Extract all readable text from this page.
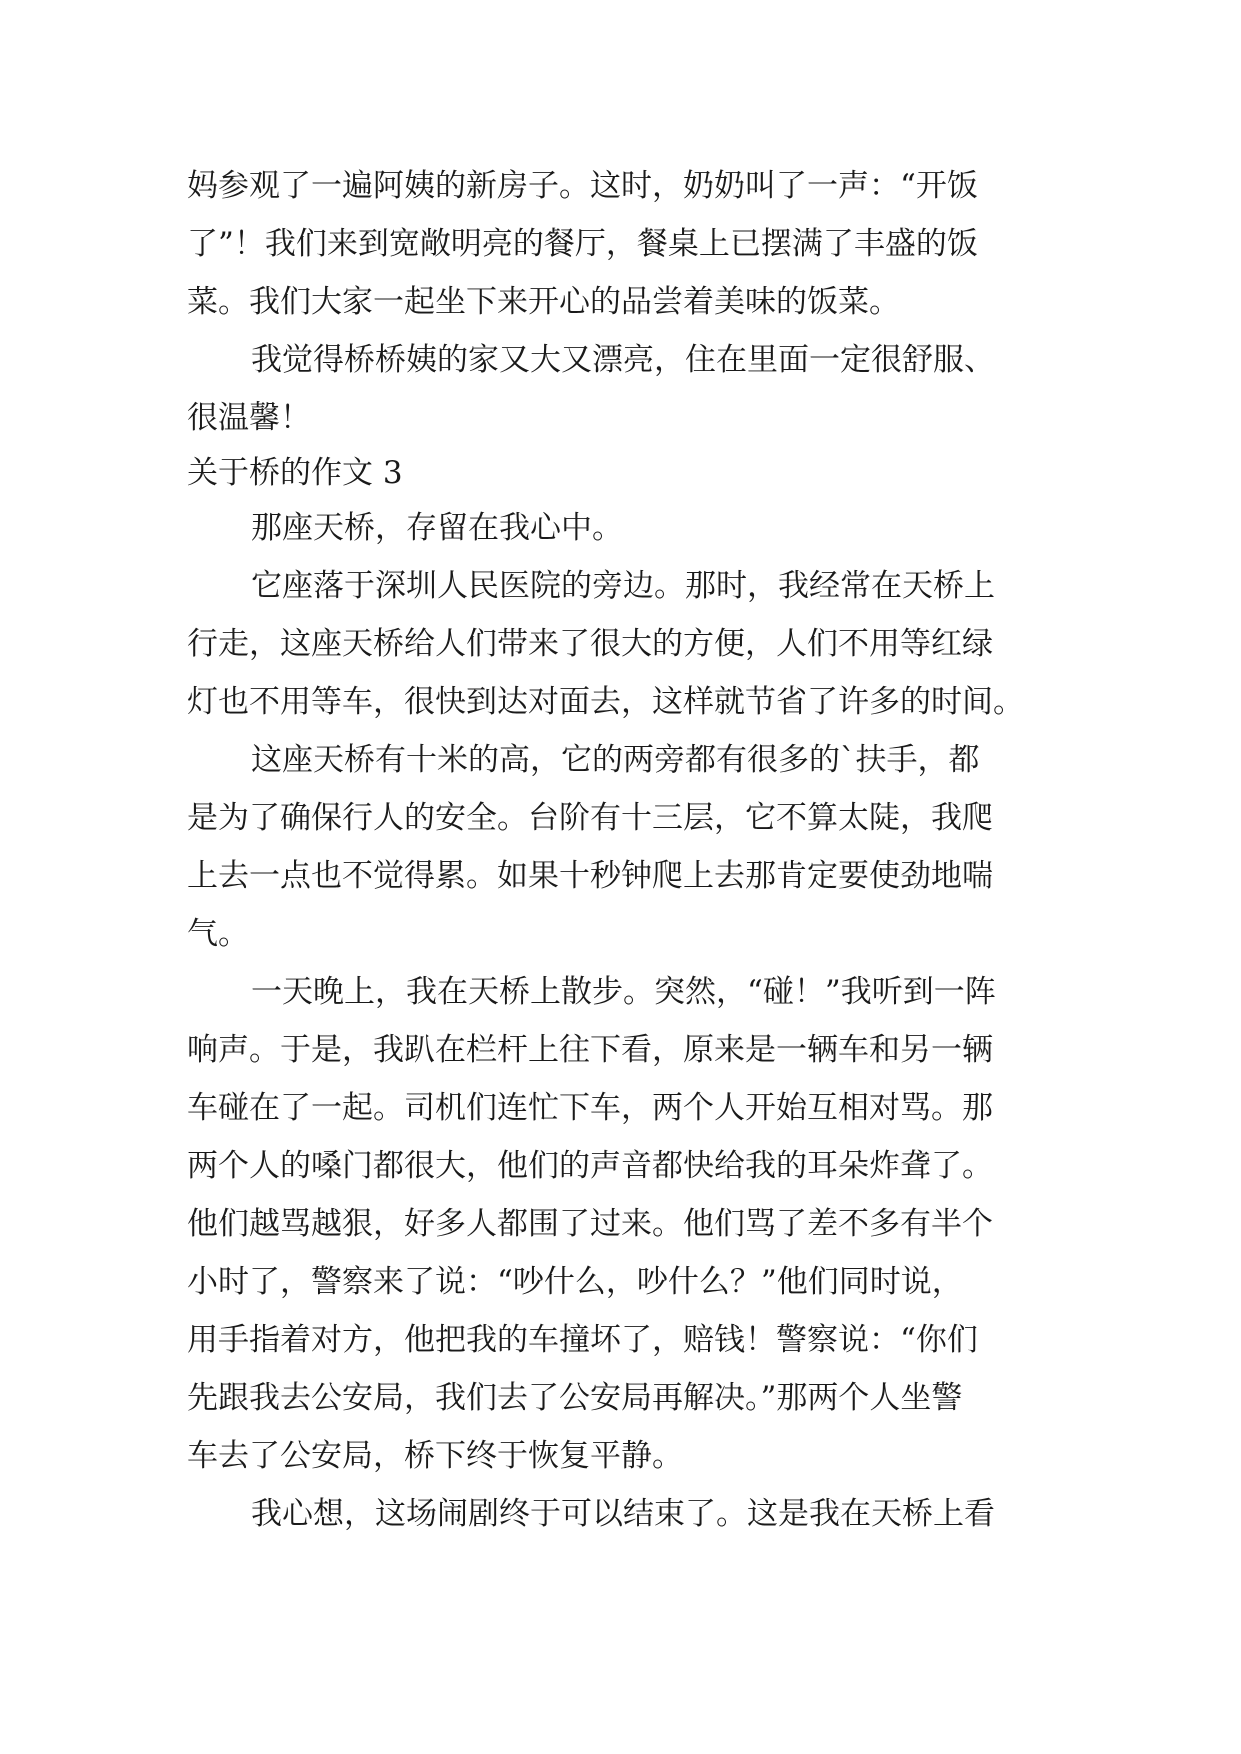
妈参观了一遍阿姨的新房子。这时，奶奶叫了一声：“开饭
了”！我们来到宽敞明亮的餐厅，餐桌上已摆满了丰盛的饭
菜。我们大家一起坐下来开心的品尝着美味的饭菜。
我觉得桥桥姨的家又大又漂亮，住在里面一定很舒服、
很温馨！
关于桥的作文 3
那座天桥，存留在我心中。
它座落于深圳人民医院的旁边。那时，我经常在天桥上
行走，这座天桥给人们带来了很大的方便，人们不用等红绿
灯也不用等车，很快到达对面去，这样就节省了许多的时间。
这座天桥有十米的高，它的两旁都有很多的`扶手，都
是为了确保行人的安全。台阶有十三层，它不算太陡，我爬
上去一点也不觉得累。如果十秒钟爬上去那肯定要使劲地喘
气。
一天晚上，我在天桥上散步。突然，“碰！”我听到一阵
响声。于是，我趴在栏杆上往下看，原来是一辆车和另一辆
车碰在了一起。司机们连忙下车，两个人开始互相对骂。那
两个人的嗓门都很大，他们的声音都快给我的耳朵炸聋了。
他们越骂越狠，好多人都围了过来。他们骂了差不多有半个
小时了，警察来了说：“吵什么，吵什么？”他们同时说，
用手指着对方，他把我的车撞坏了，赔钱！警察说：“你们
先跟我去公安局，我们去了公安局再解决。”那两个人坐警
车去了公安局，桥下终于恢复平静。
我心想，这场闹剧终于可以结束了。这是我在天桥上看
